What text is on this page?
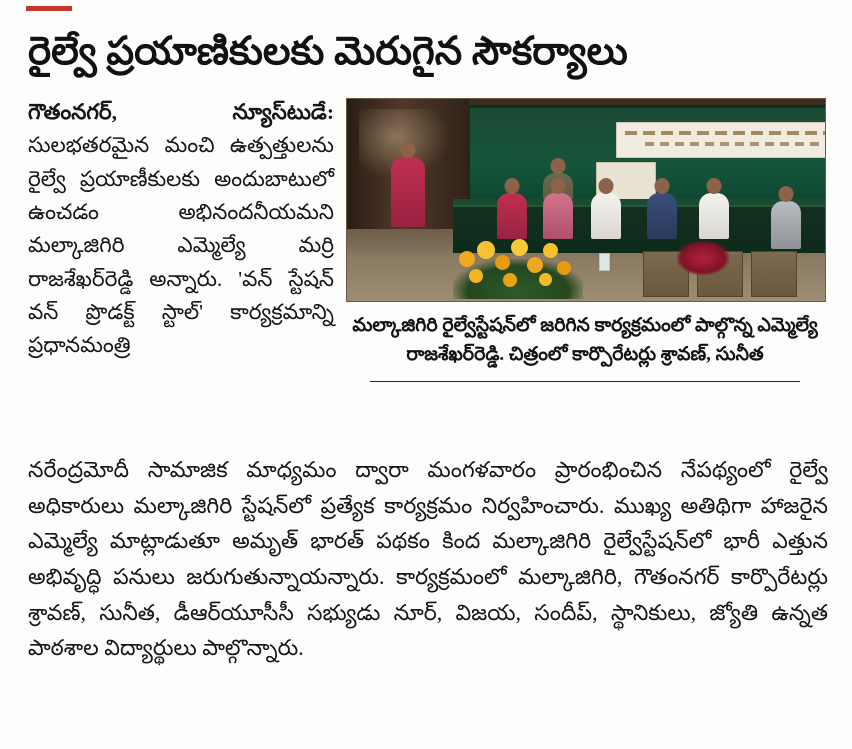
రైల్వే ప్రయాణికులకు మెరుగైన సౌకర్యాలు

గౌతంనగర్, న్యూస్‌టుడే: సులభతరమైన మంచి ఉత్పత్తులను రైల్వే ప్రయాణీకులకు అందుబాటులో ఉంచడం అభినందనీయమని మల్కాజిగిరి ఎమ్మెల్యే మర్రి రాజశేఖర్‌రెడ్డి అన్నారు. 'వన్ స్టేషన్ వన్ ప్రొడక్ట్ స్టాల్' కార్యక్రమాన్ని ప్రధానమంత్రి

మల్కాజిగిరి రైల్వేస్టేషన్‌లో జరిగిన కార్యక్రమంలో పాల్గొన్న ఎమ్మెల్యే రాజశేఖర్‌రెడ్డి. చిత్రంలో కార్పొరేటర్లు శ్రావణ్, సునీత

నరేంద్రమోదీ సామాజిక మాధ్యమం ద్వారా మంగళవారం ప్రారంభించిన నేపథ్యంలో రైల్వే అధికారులు మల్కాజిగిరి స్టేషన్‌లో ప్రత్యేక కార్యక్రమం నిర్వహించారు. ముఖ్య అతిథిగా హాజరైన ఎమ్మెల్యే మాట్లాడుతూ అమృత్ భారత్ పథకం కింద మల్కాజిగిరి రైల్వేస్టేషన్‌లో భారీ ఎత్తున అభివృద్ధి పనులు జరుగుతున్నాయన్నారు. కార్యక్రమంలో మల్కాజిగిరి, గౌతంనగర్ కార్పొరేటర్లు శ్రావణ్, సునీత, డీఆర్‌యూసీసీ సభ్యుడు నూర్, విజయ, సందీప్, స్థానికులు, జ్యోతి ఉన్నత పాఠశాల విద్యార్థులు పాల్గొన్నారు.
